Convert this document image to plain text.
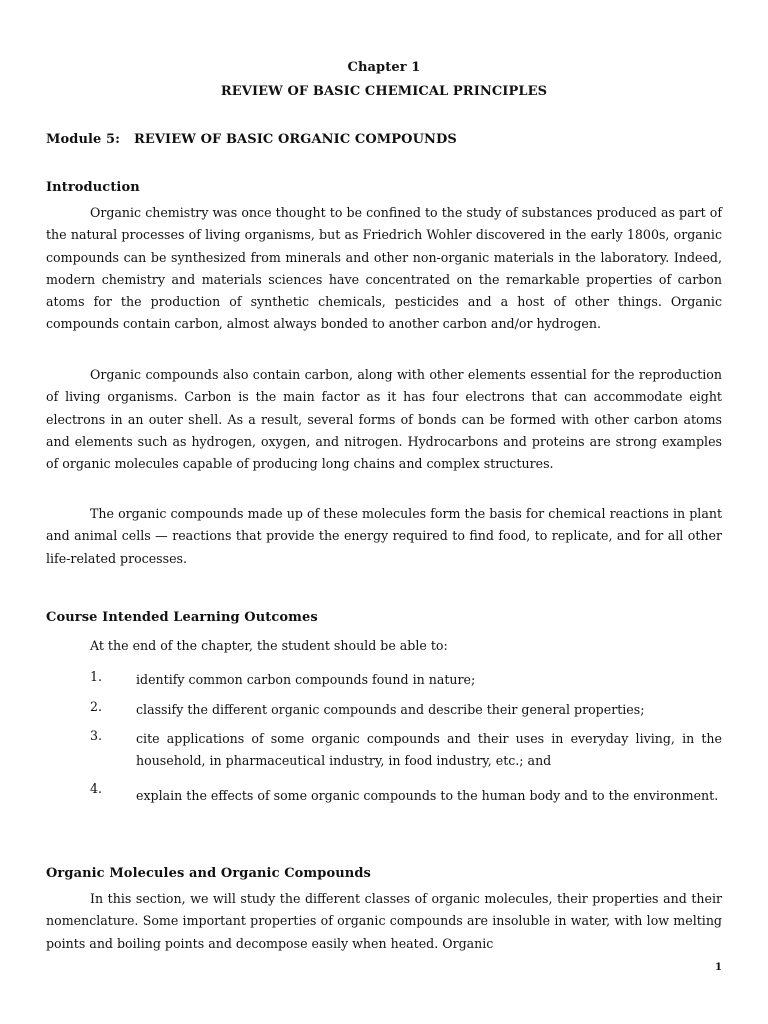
Chapter 1
REVIEW OF BASIC CHEMICAL PRINCIPLES
Module 5:   REVIEW OF BASIC ORGANIC COMPOUNDS
Introduction

Organic chemistry was once thought to be confined to the study of substances produced as part of the natural processes of living organisms, but as Friedrich Wohler discovered in the early 1800s, organic compounds can be synthesized from minerals and other non-organic materials in the laboratory. Indeed, modern chemistry and materials sciences have concentrated on the remarkable properties of carbon atoms for the production of synthetic chemicals, pesticides and a host of other things. Organic compounds contain carbon, almost always bonded to another carbon and/or hydrogen.

Organic compounds also contain carbon, along with other elements essential for the reproduction of living organisms. Carbon is the main factor as it has four electrons that can accommodate eight electrons in an outer shell. As a result, several forms of bonds can be formed with other carbon atoms and elements such as hydrogen, oxygen, and nitrogen. Hydrocarbons and proteins are strong examples of organic molecules capable of producing long chains and complex structures.

The organic compounds made up of these molecules form the basis for chemical reactions in plant and animal cells — reactions that provide the energy required to find food, to replicate, and for all other life-related processes.

Course Intended Learning Outcomes
At the end of the chapter, the student should be able to:
1.	identify common carbon compounds found in nature;
2.	classify the different organic compounds and describe their general properties;
3.	cite applications of some organic compounds and their uses in everyday living, in the household, in pharmaceutical industry, in food industry, etc.; and
4.	explain the effects of some organic compounds to the human body and to the environment.
Organic Molecules and Organic Compounds

In this section, we will study the different classes of organic molecules, their properties and their nomenclature. Some important properties of organic compounds are insoluble in water, with low melting points and boiling points and decompose easily when heated. Organic

1
